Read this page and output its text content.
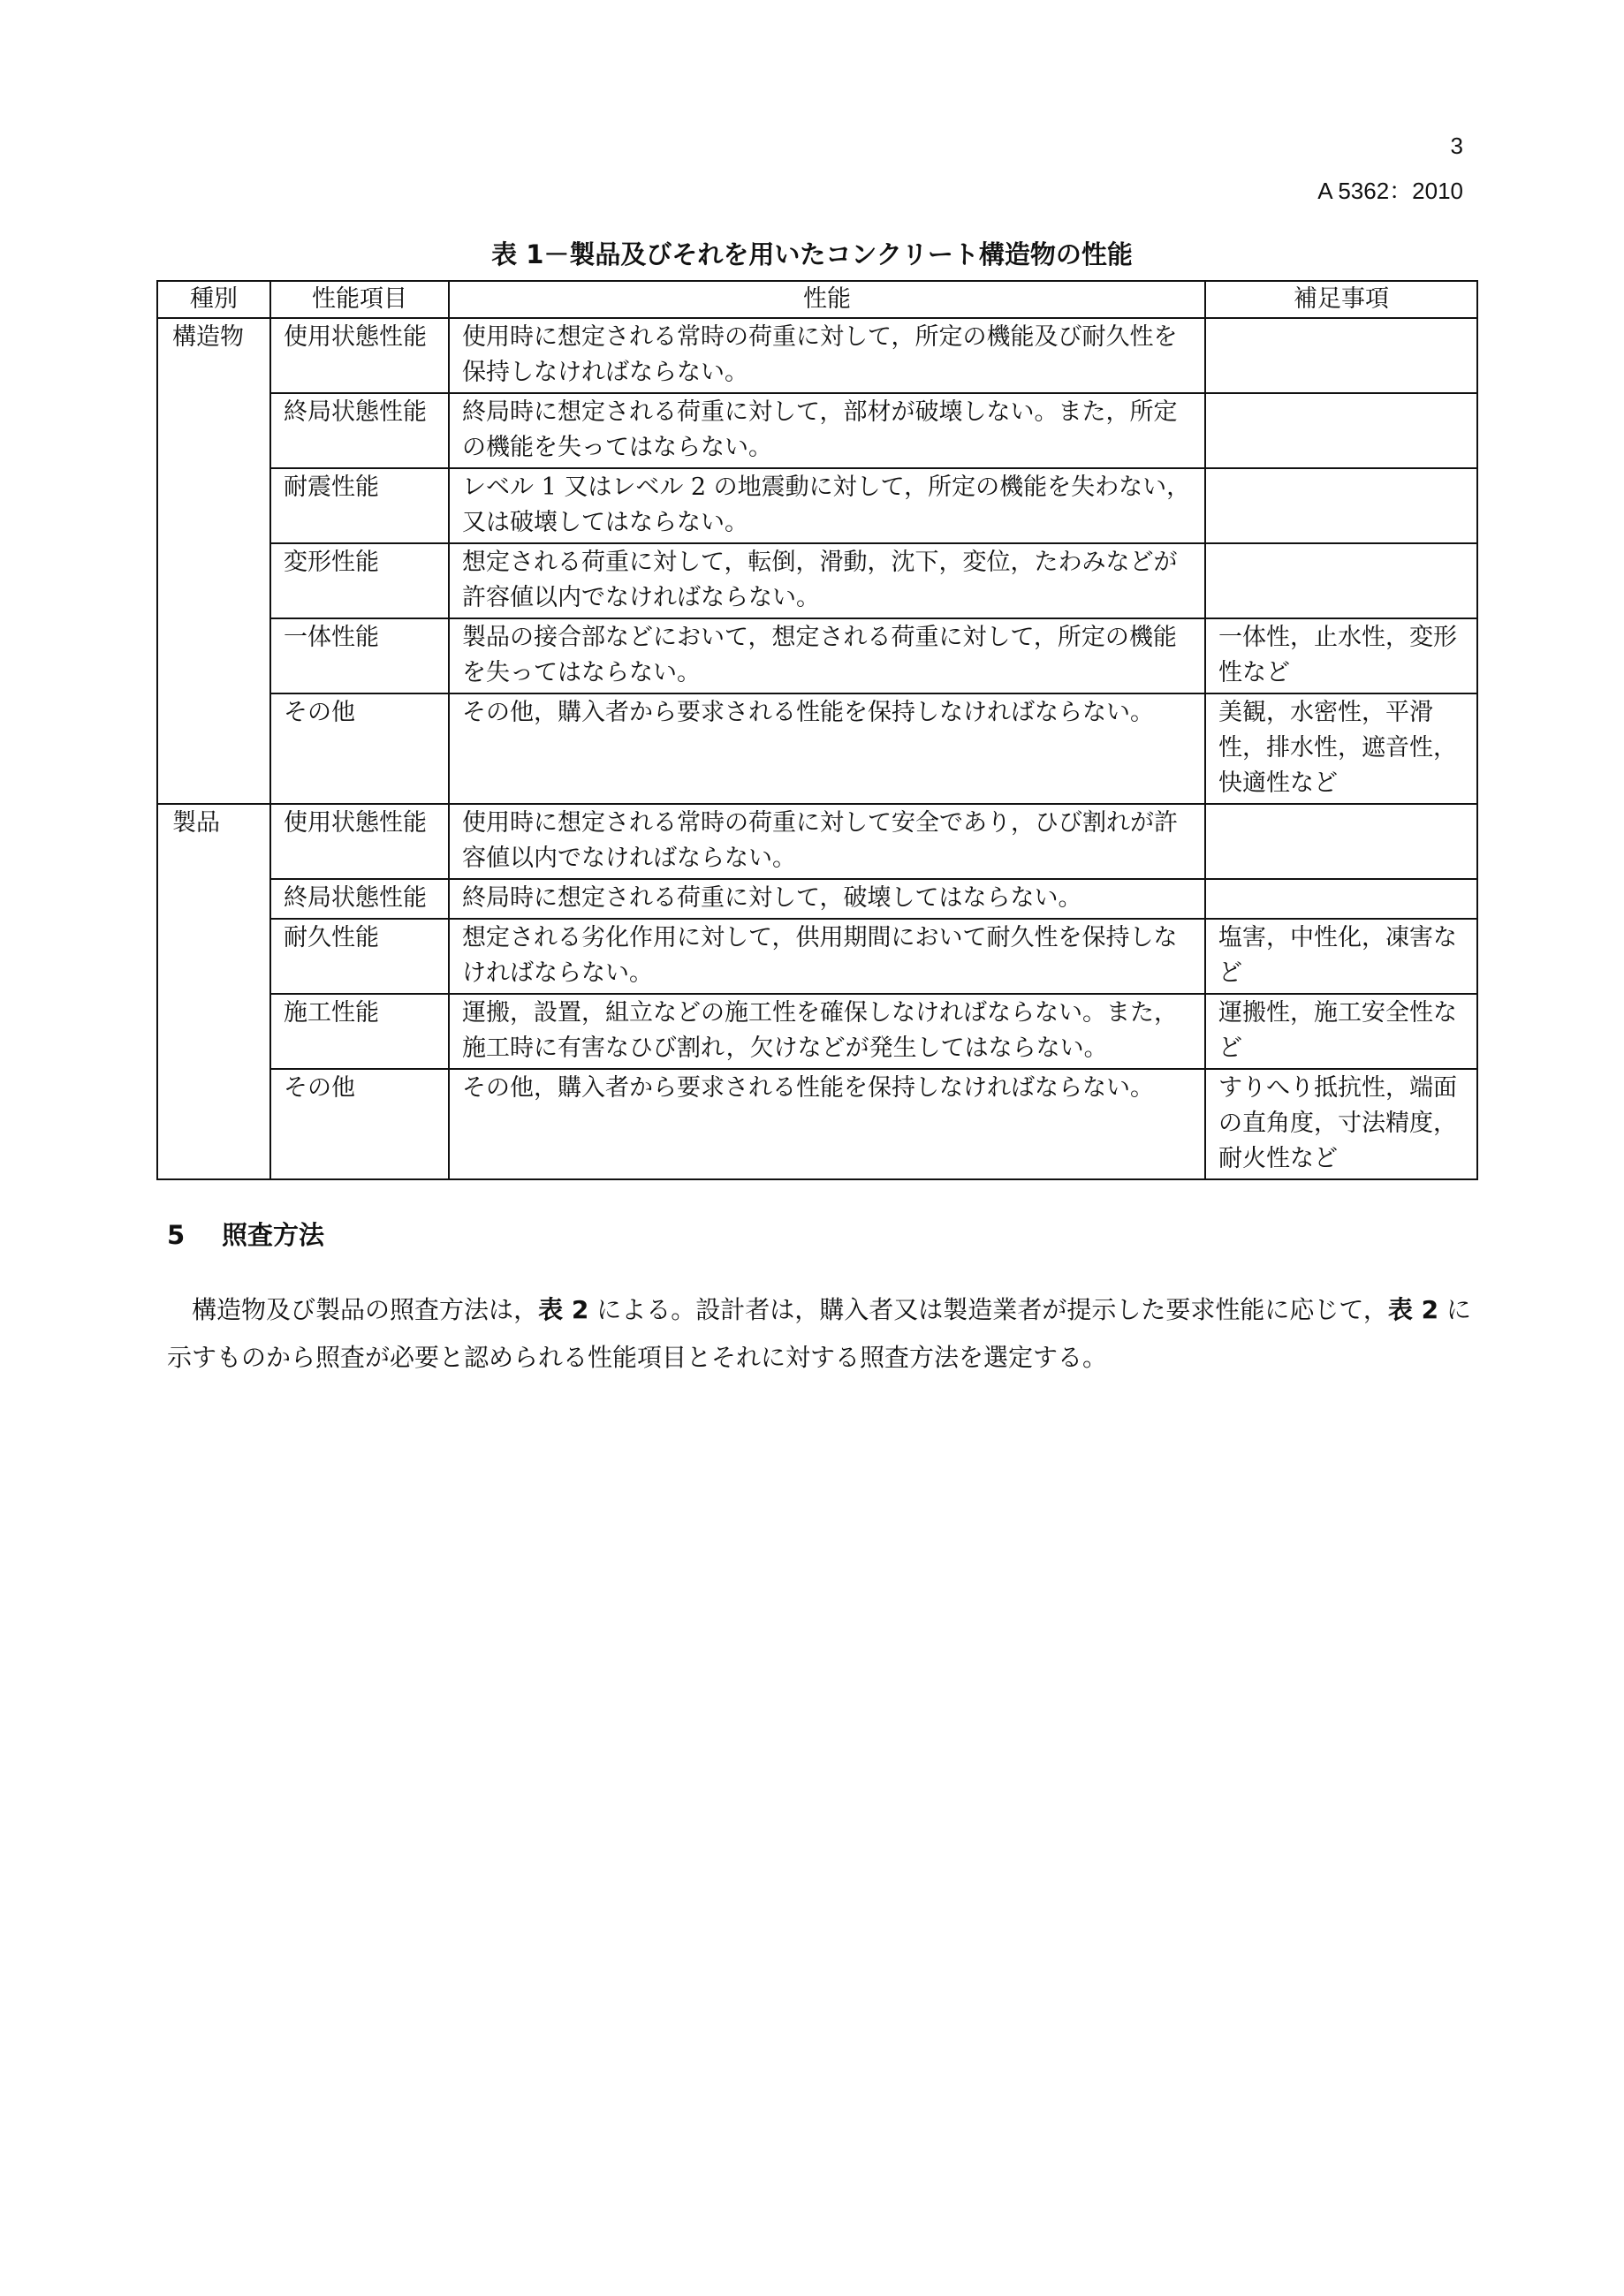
3
A 5362：2010
表 1－製品及びそれを用いたコンクリート構造物の性能
種別	性能項目	性能	補足事項
構造物	使用状態性能	使用時に想定される常時の荷重に対して，所定の機能及び耐久性を保持しなければならない。	
	終局状態性能	終局時に想定される荷重に対して，部材が破壊しない。また，所定の機能を失ってはならない。	
	耐震性能	レベル 1 又はレベル 2 の地震動に対して，所定の機能を失わない，又は破壊してはならない。	
	変形性能	想定される荷重に対して，転倒，滑動，沈下，変位，たわみなどが許容値以内でなければならない。	
	一体性能	製品の接合部などにおいて，想定される荷重に対して，所定の機能を失ってはならない。	一体性，止水性，変形性など
	その他	その他，購入者から要求される性能を保持しなければならない。	美観，水密性，平滑性，排水性，遮音性，快適性など
製品	使用状態性能	使用時に想定される常時の荷重に対して安全であり，ひび割れが許容値以内でなければならない。	
	終局状態性能	終局時に想定される荷重に対して，破壊してはならない。	
	耐久性能	想定される劣化作用に対して，供用期間において耐久性を保持しなければならない。	塩害，中性化，凍害など
	施工性能	運搬，設置，組立などの施工性を確保しなければならない。また，施工時に有害なひび割れ，欠けなどが発生してはならない。	運搬性，施工安全性など
	その他	その他，購入者から要求される性能を保持しなければならない。	すりへり抵抗性，端面の直角度，寸法精度，耐火性など
5 照査方法

構造物及び製品の照査方法は，表 2 による。設計者は，購入者又は製造業者が提示した要求性能に応じて，表 2 に示すものから照査が必要と認められる性能項目とそれに対する照査方法を選定する。
